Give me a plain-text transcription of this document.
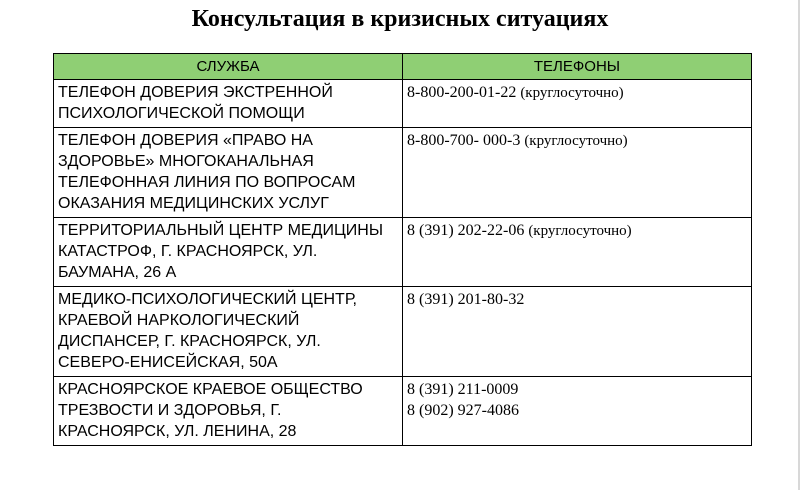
Консультация в кризисных ситуациях
СЛУЖБА	ТЕЛЕФОНЫ
ТЕЛЕФОН ДОВЕРИЯ ЭКСТРЕННОЙ
ПСИХОЛОГИЧЕСКОЙ ПОМОЩИ	8-800-200-01-22 (круглосуточно)

ТЕЛЕФОН ДОВЕРИЯ «ПРАВО НА
ЗДОРОВЬЕ» МНОГОКАНАЛЬНАЯ
ТЕЛЕФОННАЯ ЛИНИЯ ПО ВОПРОСАМ
ОКАЗАНИЯ МЕДИЦИНСКИХ УСЛУГ	8-800-700- 000-3 (круглосуточно)

ТЕРРИТОРИАЛЬНЫЙ ЦЕНТР МЕДИЦИНЫ
КАТАСТРОФ, Г. КРАСНОЯРСК, УЛ.
БАУМАНА, 26 А	8 (391) 202-22-06 (круглосуточно)

МЕДИКО-ПСИХОЛОГИЧЕСКИЙ ЦЕНТР,
КРАЕВОЙ НАРКОЛОГИЧЕСКИЙ
ДИСПАНСЕР, Г. КРАСНОЯРСК, УЛ.
СЕВЕРО-ЕНИСЕЙСКАЯ, 50А	8 (391) 201-80-32

КРАСНОЯРСКОЕ КРАЕВОЕ ОБЩЕСТВО
ТРЕЗВОСТИ И ЗДОРОВЬЯ, Г.
КРАСНОЯРСК, УЛ. ЛЕНИНА, 28	8 (391) 211-0009
8 (902) 927-4086
